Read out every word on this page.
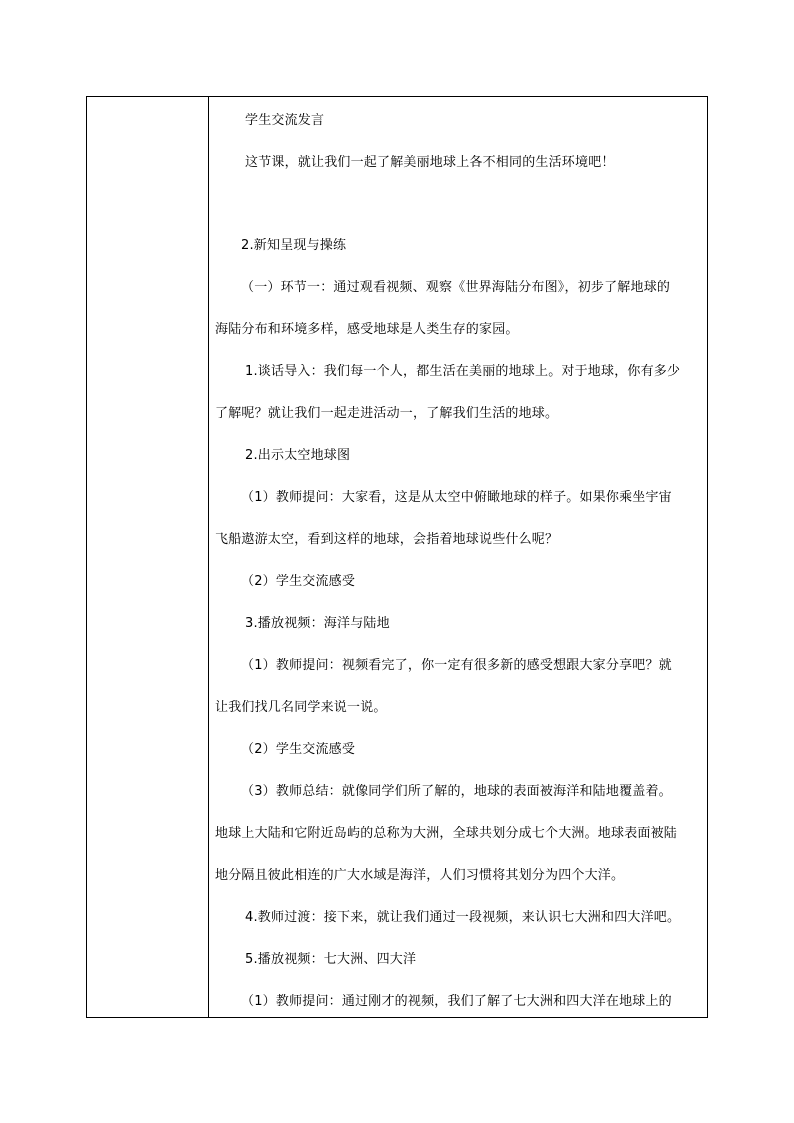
学生交流发言
这节课，就让我们一起了解美丽地球上各不相同的生活环境吧！
2.新知呈现与操练
（一）环节一：通过观看视频、观察《世界海陆分布图》，初步了解地球的
海陆分布和环境多样，感受地球是人类生存的家园。
1.谈话导入：我们每一个人，都生活在美丽的地球上。对于地球，你有多少
了解呢？就让我们一起走进活动一，了解我们生活的地球。
2.出示太空地球图
（1）教师提问：大家看，这是从太空中俯瞰地球的样子。如果你乘坐宇宙
飞船遨游太空，看到这样的地球，会指着地球说些什么呢？
（2）学生交流感受
3.播放视频：海洋与陆地
（1）教师提问：视频看完了，你一定有很多新的感受想跟大家分享吧？就
让我们找几名同学来说一说。
（2）学生交流感受
（3）教师总结：就像同学们所了解的，地球的表面被海洋和陆地覆盖着。
地球上大陆和它附近岛屿的总称为大洲，全球共划分成七个大洲。地球表面被陆
地分隔且彼此相连的广大水域是海洋，人们习惯将其划分为四个大洋。
4.教师过渡：接下来，就让我们通过一段视频，来认识七大洲和四大洋吧。
5.播放视频：七大洲、四大洋
（1）教师提问：通过刚才的视频，我们了解了七大洲和四大洋在地球上的
